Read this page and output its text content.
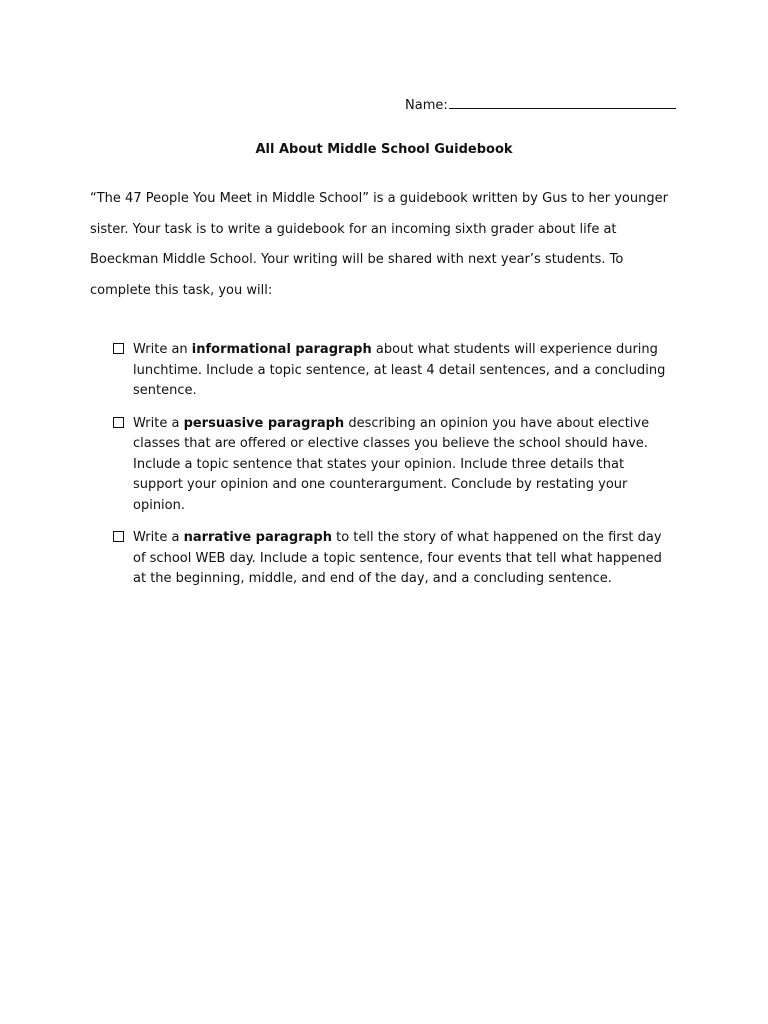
Name:
All About Middle School Guidebook

“The 47 People You Meet in Middle School” is a guidebook written by Gus to her younger sister. Your task is to write a guidebook for an incoming sixth grader about life at Boeckman Middle School. Your writing will be shared with next year’s students. To complete this task, you will:

Write an informational paragraph about what students will experience during lunchtime. Include a topic sentence, at least 4 detail sentences, and a concluding sentence.
Write a persuasive paragraph describing an opinion you have about elective classes that are offered or elective classes you believe the school should have. Include a topic sentence that states your opinion. Include three details that support your opinion and one counterargument. Conclude by restating your opinion.
Write a narrative paragraph to tell the story of what happened on the first day of school WEB day. Include a topic sentence, four events that tell what happened at the beginning, middle, and end of the day, and a concluding sentence.
